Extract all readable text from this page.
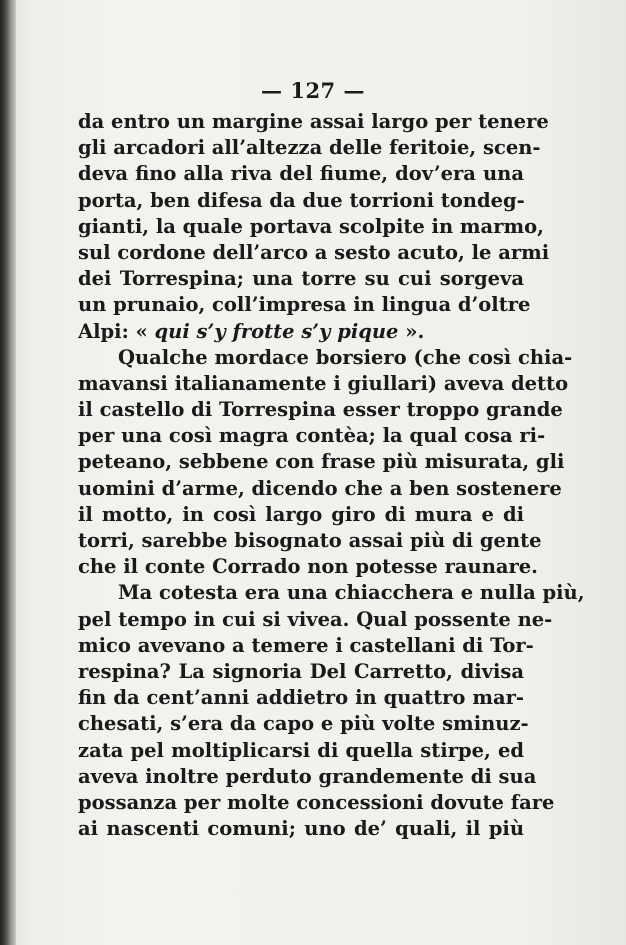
— 127 —
da entro un margine assai largo per tenere
gli arcadori all’altezza delle feritoie, scen-
deva fino alla riva del fiume, dov’era una
porta, ben difesa da due torrioni tondeg-
gianti, la quale portava scolpite in marmo,
sul cordone dell’arco a sesto acuto, le armi
dei Torrespina; una torre su cui sorgeva
un prunaio, coll’impresa in lingua d’oltre
Alpi: « qui s’y frotte s’y pique ».
Qualche mordace borsiero (che così chia-
mavansi italianamente i giullari) aveva detto
il castello di Torrespina esser troppo grande
per una così magra contèa; la qual cosa ri-
peteano, sebbene con frase più misurata, gli
uomini d’arme, dicendo che a ben sostenere
il motto, in così largo giro di mura e di
torri, sarebbe bisognato assai più di gente
che il conte Corrado non potesse raunare.
Ma cotesta era una chiacchera e nulla più,
pel tempo in cui si vivea. Qual possente ne-
mico avevano a temere i castellani di Tor-
respina? La signoria Del Carretto, divisa
fin da cent’anni addietro in quattro mar-
chesati, s’era da capo e più volte sminuz-
zata pel moltiplicarsi di quella stirpe, ed
aveva inoltre perduto grandemente di sua
possanza per molte concessioni dovute fare
ai nascenti comuni; uno de’ quali, il più
